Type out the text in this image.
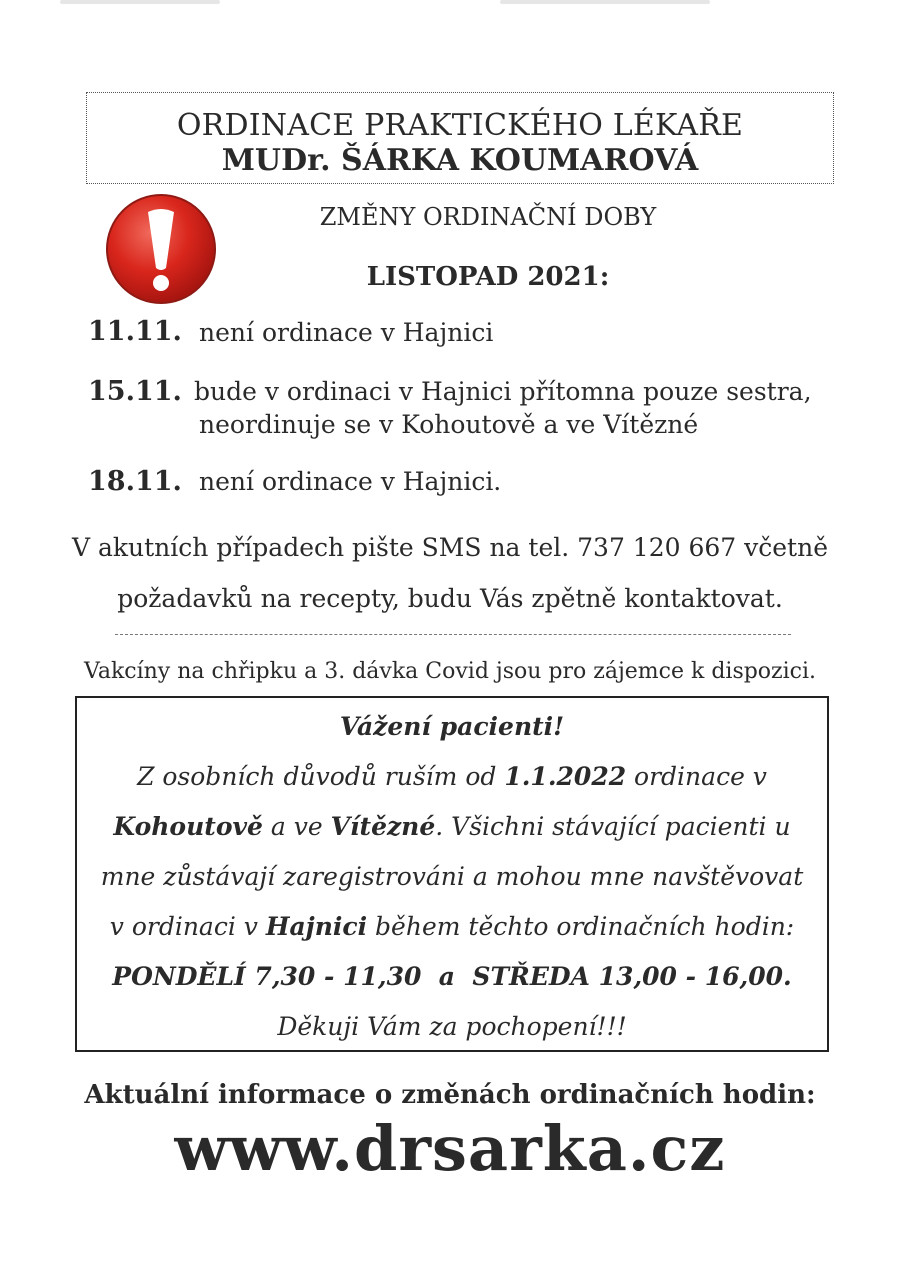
ORDINACE PRAKTICKÉHO LÉKAŘE
MUDr. ŠÁRKA KOUMAROVÁ
ZMĚNY ORDINAČNÍ DOBY
LISTOPAD 2021:
11.11. není ordinace v Hajnici
15.11. bude v ordinaci v Hajnici přítomna pouze sestra,
neordinuje se v Kohoutově a ve Vítězné
18.11. není ordinace v Hajnici.
V akutních případech pište SMS na tel. 737 120 667 včetně
požadavků na recepty, budu Vás zpětně kontaktovat.
Vakcíny na chřipku a 3. dávka Covid jsou pro zájemce k dispozici.
Vážení pacienti!
Z osobních důvodů ruším od 1.1.2022 ordinace v
Kohoutově a ve Vítězné. Všichni stávající pacienti u
mne zůstávají zaregistrováni a mohou mne navštěvovat
v ordinaci v Hajnici během těchto ordinačních hodin:
PONDĚLÍ 7,30 - 11,30  a  STŘEDA 13,00 - 16,00.
Děkuji Vám za pochopení!!!
Aktuální informace o změnách ordinačních hodin:
www.drsarka.cz
